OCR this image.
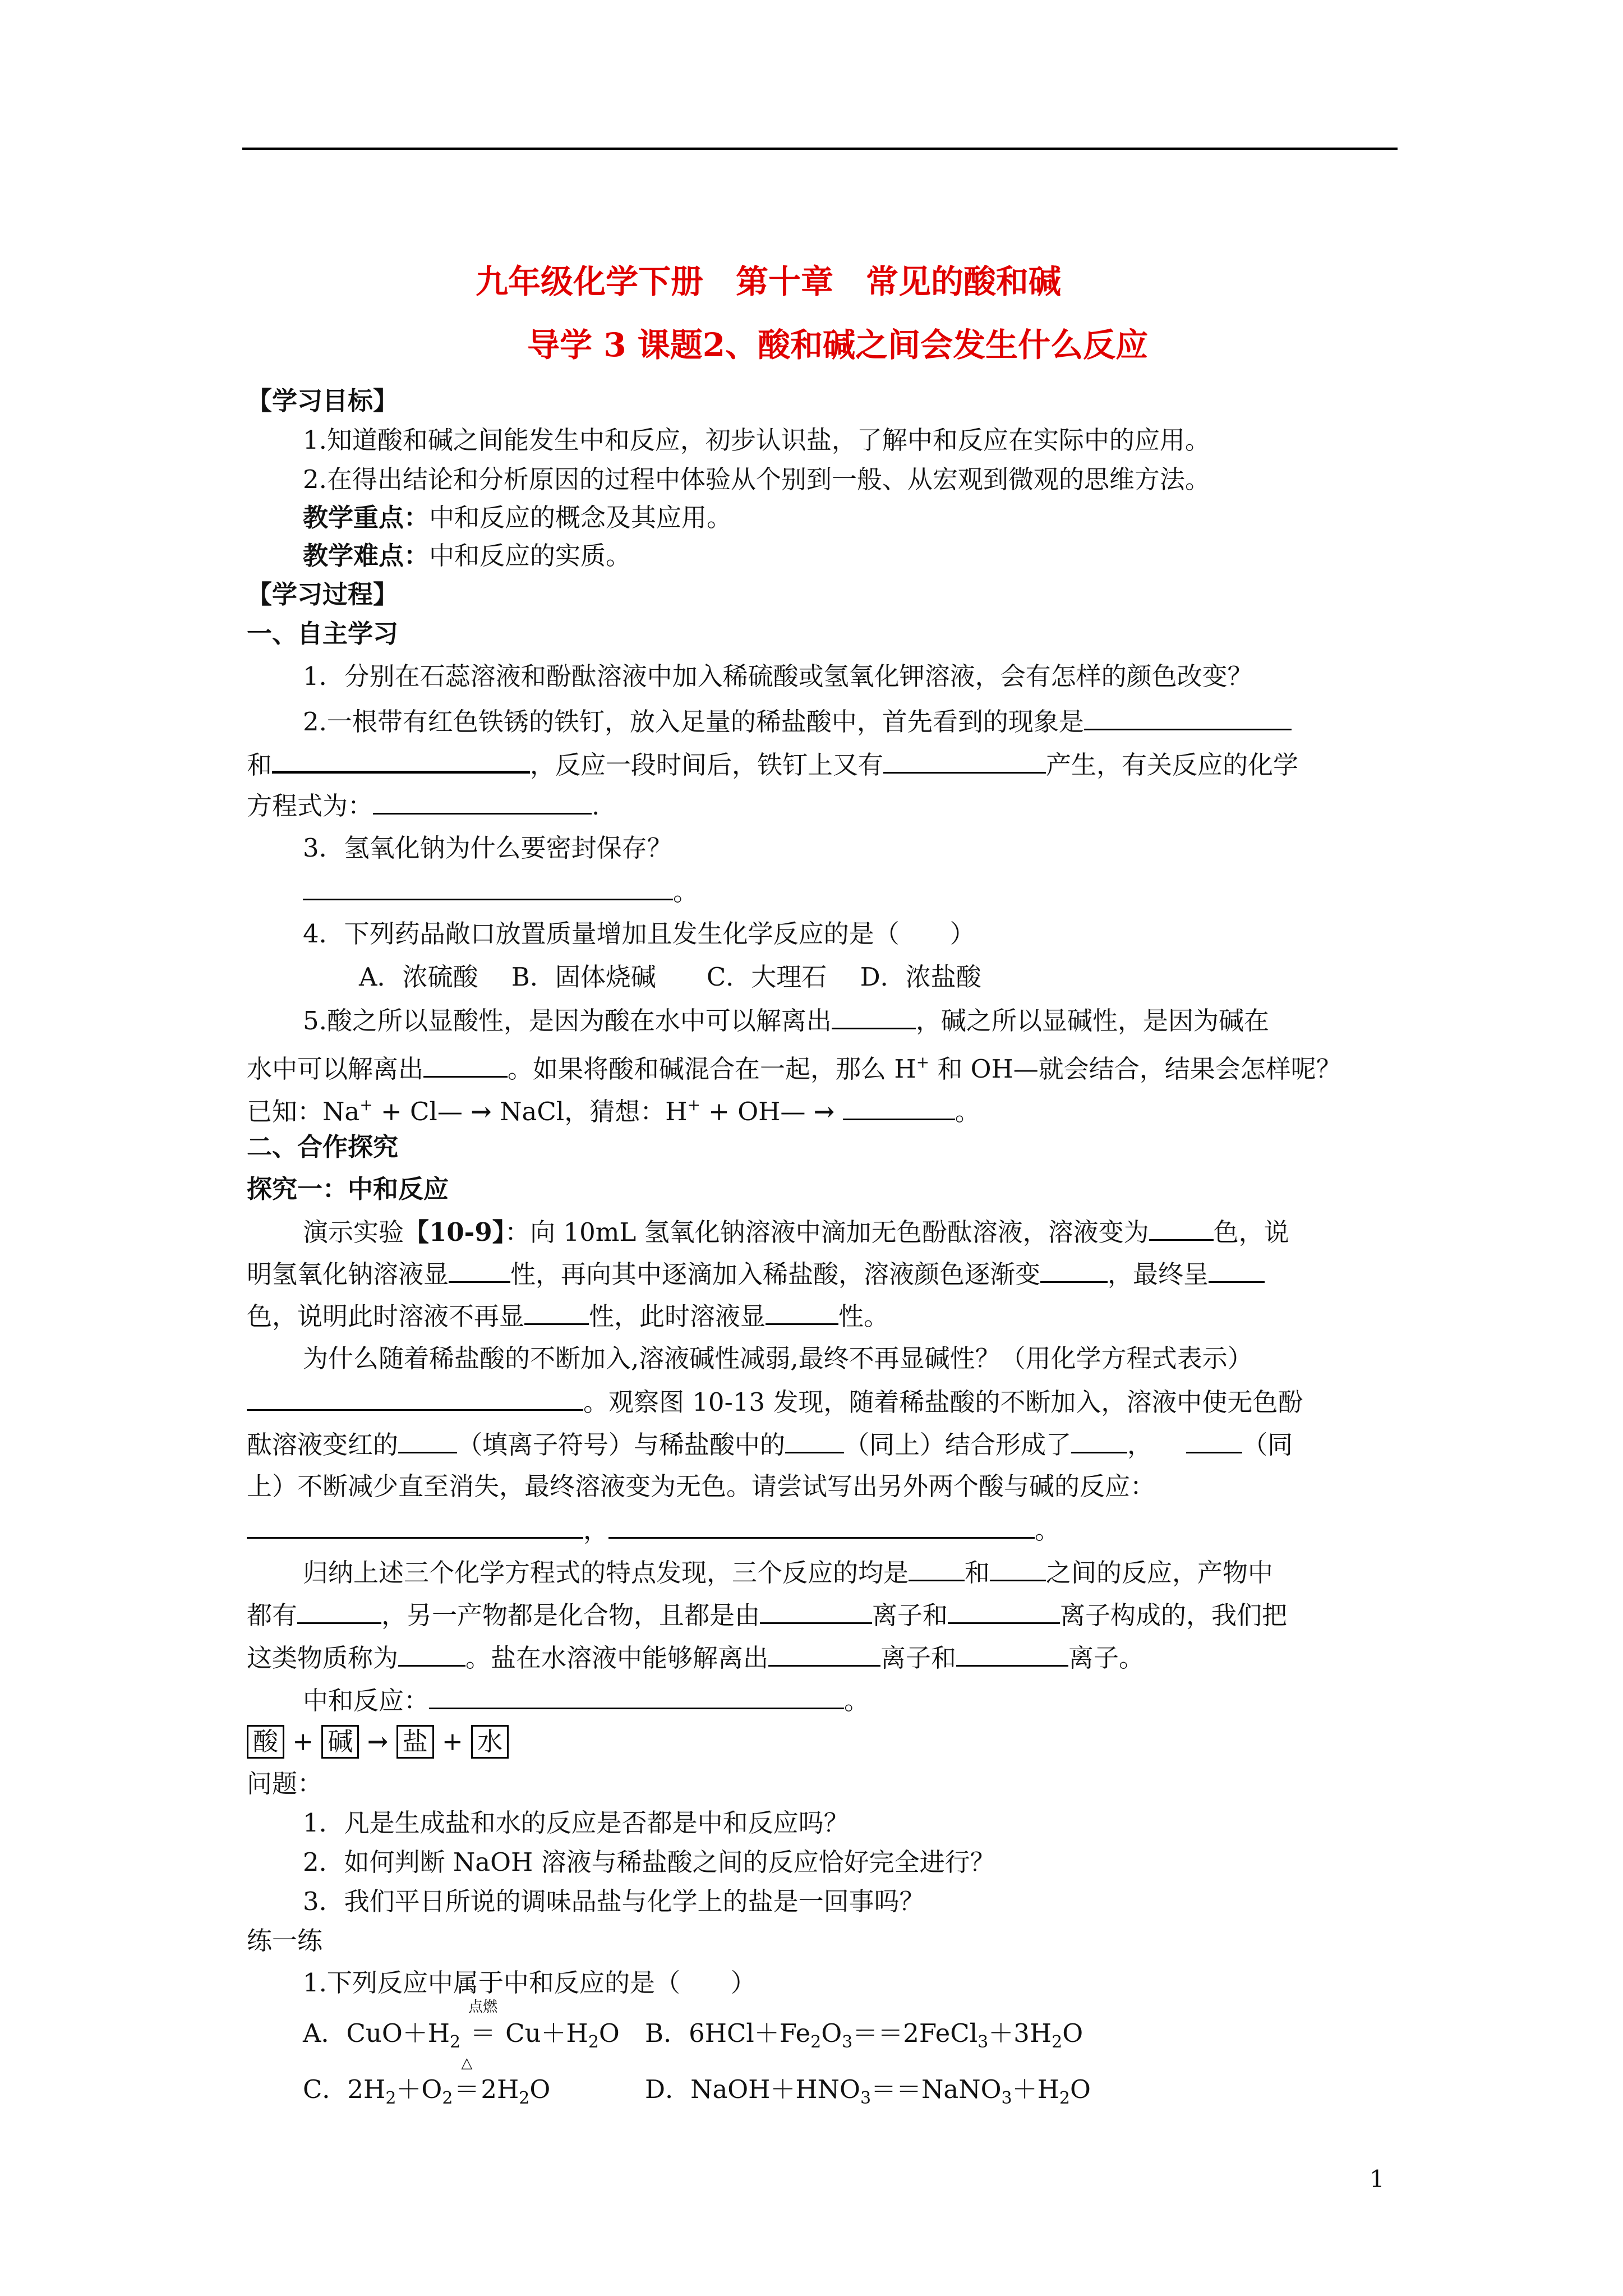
九年级化学下册　第十章　常见的酸和碱
导学 3 课题2、酸和碱之间会发生什么反应
【学习目标】
1.知道酸和碱之间能发生中和反应，初步认识盐，了解中和反应在实际中的应用。
2.在得出结论和分析原因的过程中体验从个别到一般、从宏观到微观的思维方法。
教学重点：中和反应的概念及其应用。
教学难点：中和反应的实质。
【学习过程】
一、自主学习
1．分别在石蕊溶液和酚酞溶液中加入稀硫酸或氢氧化钾溶液，会有怎样的颜色改变？
2.一根带有红色铁锈的铁钉，放入足量的稀盐酸中，首先看到的现象是
和	，反应一段时间后，铁钉上又有	产生，有关反应的化学
方程式为：	.
3．氢氧化钠为什么要密封保存？
。
4．下列药品敞口放置质量增加且发生化学反应的是（　　）
A．浓硫酸　 B．固体烧碱　　C．大理石　 D．浓盐酸
5.酸之所以显酸性，是因为酸在水中可以解离出	，碱之所以显碱性，是因为碱在
水中可以解离出	。如果将酸和碱混合在一起，那么 H+ 和 OH—就会结合，结果会怎样呢？
已知：Na+ + Cl— → NaCl，猜想：H+ + OH— →	。
二、合作探究
探究一：中和反应
演示实验【10-9】：向 10mL 氢氧化钠溶液中滴加无色酚酞溶液，溶液变为	色，说
明氢氧化钠溶液显 性，再向其中逐滴加入稀盐酸，溶液颜色逐渐变	，最终呈
色，说明此时溶液不再显	性，此时溶液显	性。
为什么随着稀盐酸的不断加入,溶液碱性减弱,最终不再显碱性？（用化学方程式表示）
。观察图 10-13 发现，随着稀盐酸的不断加入，溶液中使无色酚
酞溶液变红的 （填离子符号）与稀盐酸中的 （同上）结合形成了 ，	（同
上）不断减少直至消失，最终溶液变为无色。请尝试写出另外两个酸与碱的反应：
，	。
归纳上述三个化学方程式的特点发现，三个反应的均是 和 之间的反应，产物中
都有	，另一产物都是化合物，且都是由	离子和	离子构成的，我们把
这类物质称为	。盐在水溶液中能够解离出	离子和	离子。
中和反应：	。
酸 + 碱 → 盐 + 水
问题：
1．凡是生成盐和水的反应是否都是中和反应吗？
2．如何判断 NaOH 溶液与稀盐酸之间的反应恰好完全进行？
3．我们平日所说的调味品盐与化学上的盐是一回事吗？
练一练
1.下列反应中属于中和反应的是（　　）
A．$CuO+H_2$
点燃
＝ $Cu+H_2O$ B．$6HCl+Fe_2O_3==2FeCl_3+3H_2O$
C．$2H_2+O_2$
△
$=2H_2O$	D．$NaOH+HNO_3==NaNO_3+H_2O$
1
